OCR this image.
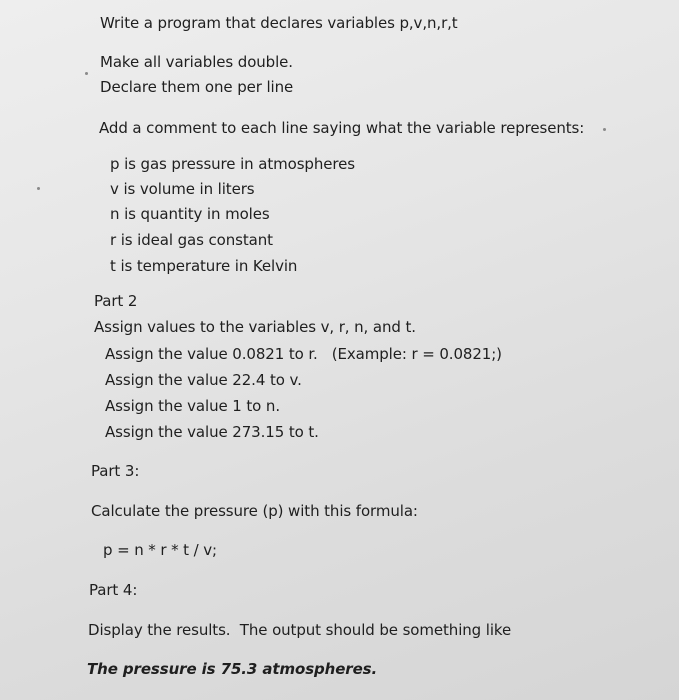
Write a program that declares variables p,v,n,r,t

Make all variables double.

Declare them one per line

Add a comment to each line saying what the variable represents:

p is gas pressure in atmospheres

v is volume in liters

n is quantity in moles

r is ideal gas constant

t is temperature in Kelvin

Part 2

Assign values to the variables v, r, n, and t.

Assign the value 0.0821 to r.   (Example: r = 0.0821;)

Assign the value 22.4 to v.

Assign the value 1 to n.

Assign the value 273.15 to t.

Part 3:

Calculate the pressure (p) with this formula:

p = n * r * t / v;

Part 4:

Display the results.  The output should be something like

The pressure is 75.3 atmospheres.
